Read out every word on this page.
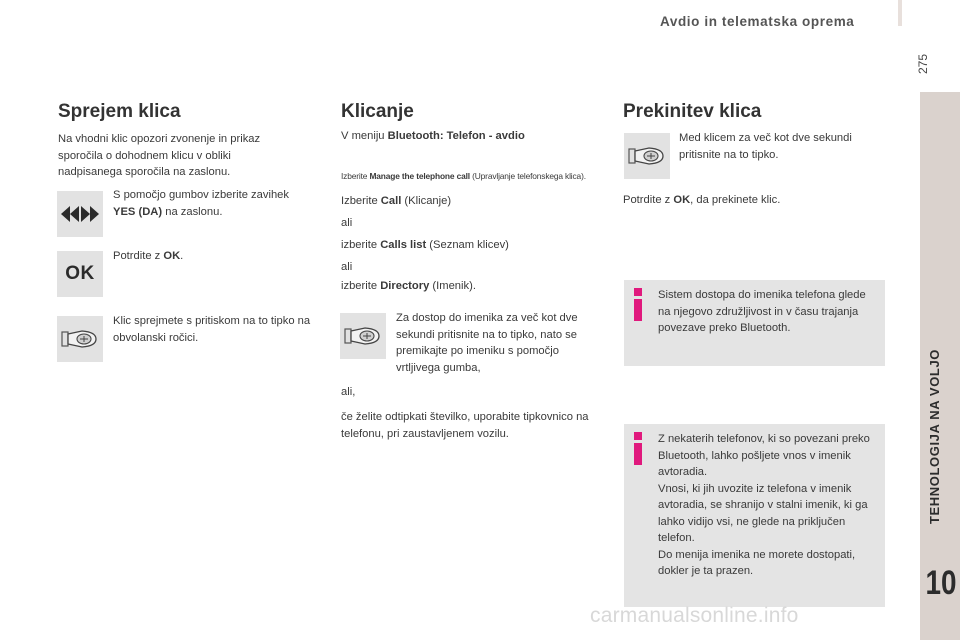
Avdio in telematska oprema
275
TEHNOLOGIJA NA VOLJO
10
Sprejem klica
Na vhodni klic opozori zvonenje in prikaz sporočila o dohodnem klicu v obliki nadpisanega sporočila na zaslonu.
S pomočjo gumbov izberite zavihek
YES (DA) na zaslonu.
OK
Potrdite z OK.
Klic sprejmete s pritiskom na to tipko na obvolanski ročici.
Klicanje
V meniju Bluetooth: Telefon - avdio
Izberite Manage the telephone call (Upravljanje telefonskega klica).
Izberite Call (Klicanje)
ali
izberite Calls list (Seznam klicev)
ali
izberite Directory (Imenik).
Za dostop do imenika za več kot dve sekundi pritisnite na to tipko, nato se premikajte po imeniku s pomočjo vrtljivega gumba,
ali,
če želite odtipkati številko, uporabite tipkovnico na telefonu, pri zaustavljenem vozilu.
Prekinitev klica
Med klicem za več kot dve sekundi pritisnite na to tipko.
Potrdite z OK, da prekinete klic.
Sistem dostopa do imenika telefona glede na njegovo združljivost in v času trajanja povezave preko Bluetooth.
Z nekaterih telefonov, ki so povezani preko Bluetooth, lahko pošljete vnos v imenik avtoradia.
Vnosi, ki jih uvozite iz telefona v imenik avtoradia, se shranijo v stalni imenik, ki ga lahko vidijo vsi, ne glede na priključen telefon.
Do menija imenika ne morete dostopati, dokler je ta prazen.
carmanualsonline.info
